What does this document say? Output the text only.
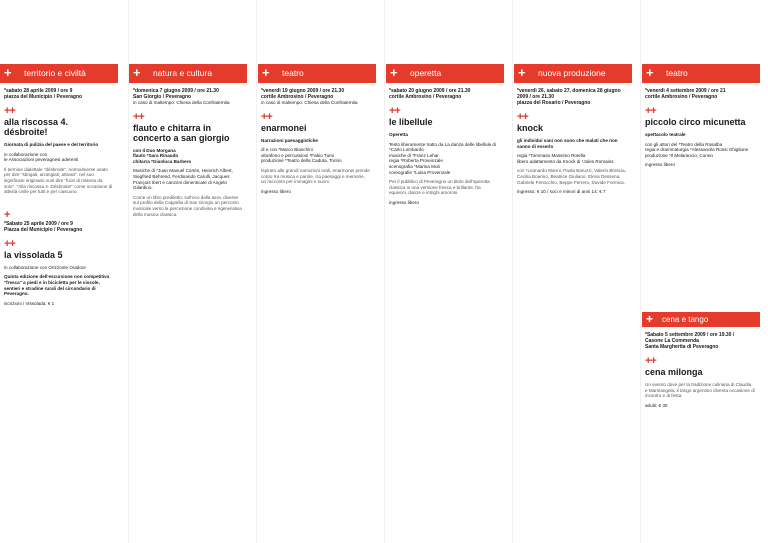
+ territorio e civiltà	+ natura e cultura	+ teatro	+ operetta	+ nuova produzione	+ teatro
*sabato 28 aprile 2009 / ore 9
piazza del Municipio / Peveragno
++
alla riscossa 4. désbroite!

Giornata di pulizia del paese e del territorio

in collaborazione con
le Associazioni peveragnesi aderenti

Il termine dialettale "désbroite", normalmente usato per dire "sbrigati, arrangiati, attivati", nel suo significato originario vuol dire "fuori di miseria da solo". "Alla riscossa 4. Désbroite!" come occasione di attività civile per tutti e per ciascuno.

+
*Sabato 25 aprile 2009 / ore 9
Piazza del Municipio / Peveragno
++
la vissolada 5

in collaborazione con Orizzonte Outdoor

Quinta edizione dell'escursione non competitiva "fresca" a piedi e in bicicletta per le vissole, sentieri e stradine rurali del circondario di Peveragno.

iscrizioni / Vissolada: € 1

*domenica 7 giugno 2009 / ore 21.30
San Giorgio / Peveragno
in caso di maltempo: Chiesa della Confraternita
++
flauto e chitarra in concerto a san giorgio

con Il Duo Morgana
flauto *Sara Rinaudo
chitarra *Gianluca Barbero

Musiche di *Juan Manuel Cortés, Heinrich Albert, Siegfried Behrend, Ferdinando Carulli, Jacques François Ibert e canzoni dimenticate di Angelo Gilardino.

Come un libro prediletto, sull'eco della sera, diverse sul profilo della Cappella di San Giorgio un percorso musicale verso la percezione condivisa e rigenerativa della musica classica.

*venerdì 19 giugno 2009 / ore 21.30
cortile Ambrosino / Peveragno
in caso di maltempo: Chiesa della Confraternita
++
enarmonei

Narrazioni paesaggistiche

di e con *Marco Bianchini
vibrafono e percussioni *Fabio Tumi
produzione *Teatro della Caduta, Torino

Ispirato alle grandi narrazioni orali, enarmonei prende corpo tra musica e parole, tra paesaggi e memorie, un racconto per immagini e suoni.

ingresso libero

*sabato 20 giugno 2009 / ore 21.30
cortile Ambrosino / Peveragno
++
le libellule

Operetta

Testo liberamente tratto da La danza delle libellule di *Carlo Lombardo
musiche di *Franz Lehar
regia *Roberta Provenzale
scenografia *Marina Muti
coreografie *Luisa Provenzale

Per il pubblico di Peveragno un titolo dell'operetta classica in una versione fresca e brillante, fra equivoci, danze e intrighi amorosi.

ingresso libero

*venerdì 26, sabato 27, domenica 28 giugno 2009 / ore 21.30
piazza del Rosario / Peveragno
++
knock

gli individui sani non sono che malati che non sanno di esserlo

regia *Tommaso Massimo Rotella
libero adattamento da Knock di *Jules Romains

con *Leonardo Manni, Paola Baruzzi, Valerio Brescia, Cecilia Boarino, Beatrice Giuliano, Elena Dessena, Gabriele Fenocchio, Beppe Ferrero, Davide Formica.

ingresso: € 10 / soci e minori di anni 14: € 7

*venerdì 4 settembre 2009 / ore 21
cortile Ambrosino / Peveragno
++
piccolo circo micunetta

spettacolo teatrale

con gli attori del *Teatro della Rosalba
regia e drammaturgia *Alessandra Rossi Ghiglione
produzione *Il Melarancio, Cuneo

ingresso libero

+ cena e tango
*Sabato 5 settembre 2009 / ore 19.30 /
Casone La Commenda
Santa Margherita di Peveragno
++
cena milonga

Un evento dove per la tradizione culinaria di Claudia e Marinangela, il tango argentino diventa occasione di incontro e di festa.

adulti: € 30
